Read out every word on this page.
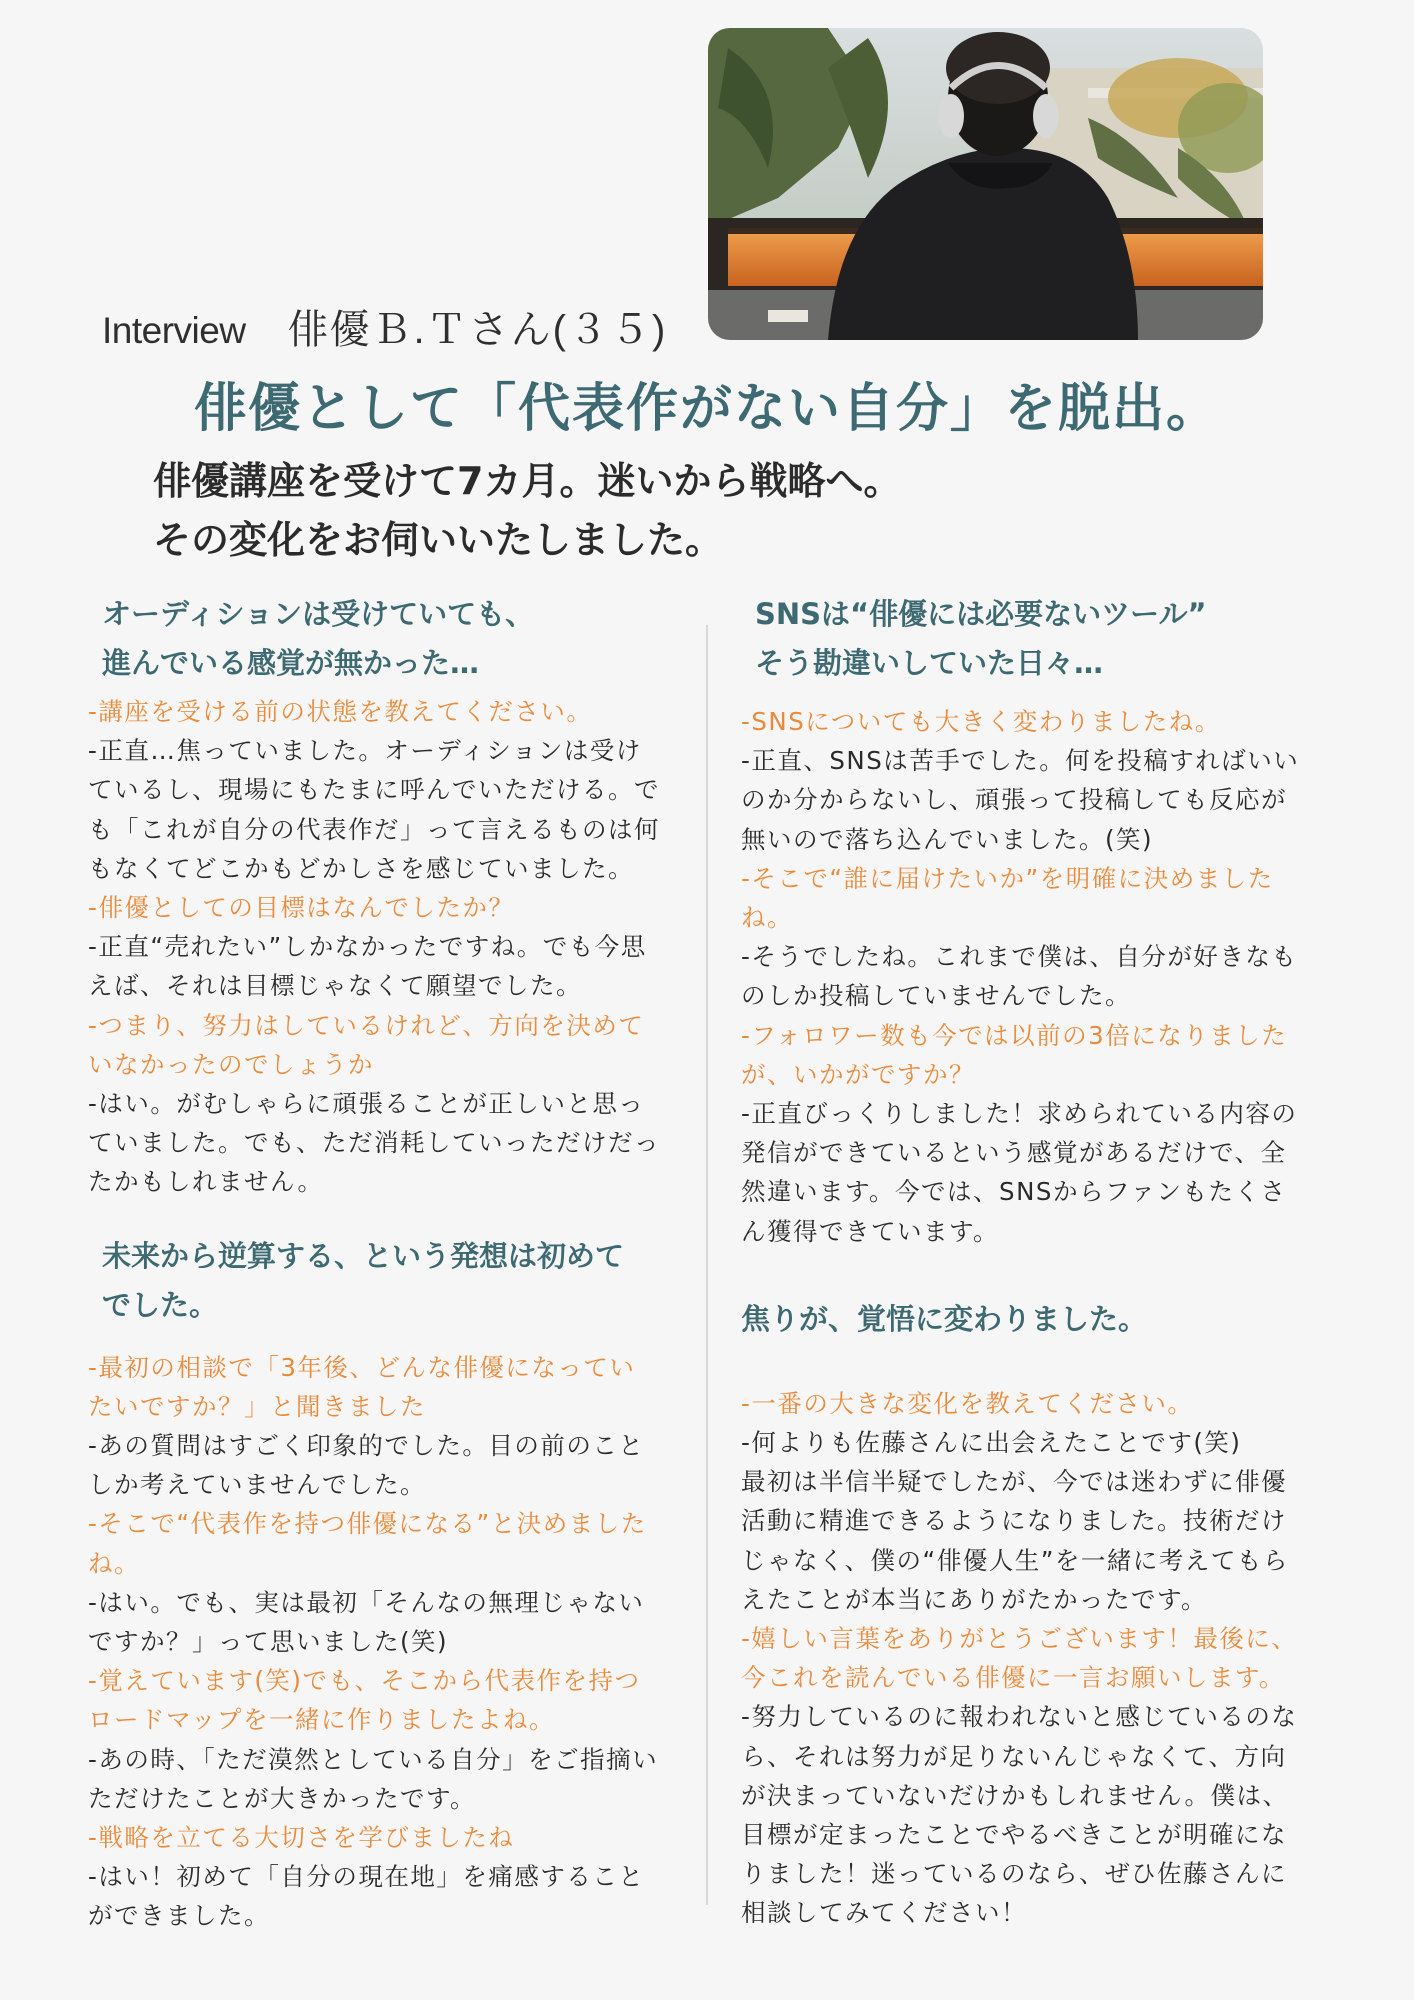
Interview 俳優Ｂ.Ｔさん(３５)
俳優として「代表作がない自分」を脱出。
俳優講座を受けて7カ月。迷いから戦略へ。
その変化をお伺いいたしました。
オーディションは受けていても、
進んでいる感覚が無かった…

-講座を受ける前の状態を教えてください。

-正直…焦っていました。オーディションは受けているし、現場にもたまに呼んでいただける。でも「これが自分の代表作だ」って言えるものは何もなくてどこかもどかしさを感じていました。

-俳優としての目標はなんでしたか？

-正直“売れたい”しかなかったですね。でも今思えば、それは目標じゃなくて願望でした。

-つまり、努力はしているけれど、方向を決めていなかったのでしょうか

-はい。がむしゃらに頑張ることが正しいと思っていました。でも、ただ消耗していっただけだったかもしれません。

未来から逆算する、という発想は初めて
でした。

-最初の相談で「3年後、どんな俳優になっていたいですか？」と聞きました

-あの質問はすごく印象的でした。目の前のことしか考えていませんでした。

-そこで“代表作を持つ俳優になる”と決めましたね。

-はい。でも、実は最初「そんなの無理じゃないですか？」って思いました(笑)

-覚えています(笑)でも、そこから代表作を持つロードマップを一緒に作りましたよね。

-あの時、「ただ漠然としている自分」をご指摘いただけたことが大きかったです。

-戦略を立てる大切さを学びましたね

-はい！初めて「自分の現在地」を痛感することができました。

SNSは“俳優には必要ないツール”
そう勘違いしていた日々…

-SNSについても大きく変わりましたね。

-正直、SNSは苦手でした。何を投稿すればいいのか分からないし、頑張って投稿しても反応が無いので落ち込んでいました。(笑)

-そこで“誰に届けたいか”を明確に決めましたね。

-そうでしたね。これまで僕は、自分が好きなものしか投稿していませんでした。

-フォロワー数も今では以前の3倍になりましたが、いかがですか？

-正直びっくりしました！求められている内容の発信ができているという感覚があるだけで、全然違います。今では、SNSからファンもたくさん獲得できています。

焦りが、覚悟に変わりました。

-一番の大きな変化を教えてください。

-何よりも佐藤さんに出会えたことです(笑)

最初は半信半疑でしたが、今では迷わずに俳優活動に精進できるようになりました。技術だけじゃなく、僕の“俳優人生”を一緒に考えてもらえたことが本当にありがたかったです。

-嬉しい言葉をありがとうございます！最後に、今これを読んでいる俳優に一言お願いします。

-努力しているのに報われないと感じているのなら、それは努力が足りないんじゃなくて、方向が決まっていないだけかもしれません。僕は、目標が定まったことでやるべきことが明確になりました！迷っているのなら、ぜひ佐藤さんに相談してみてください！
